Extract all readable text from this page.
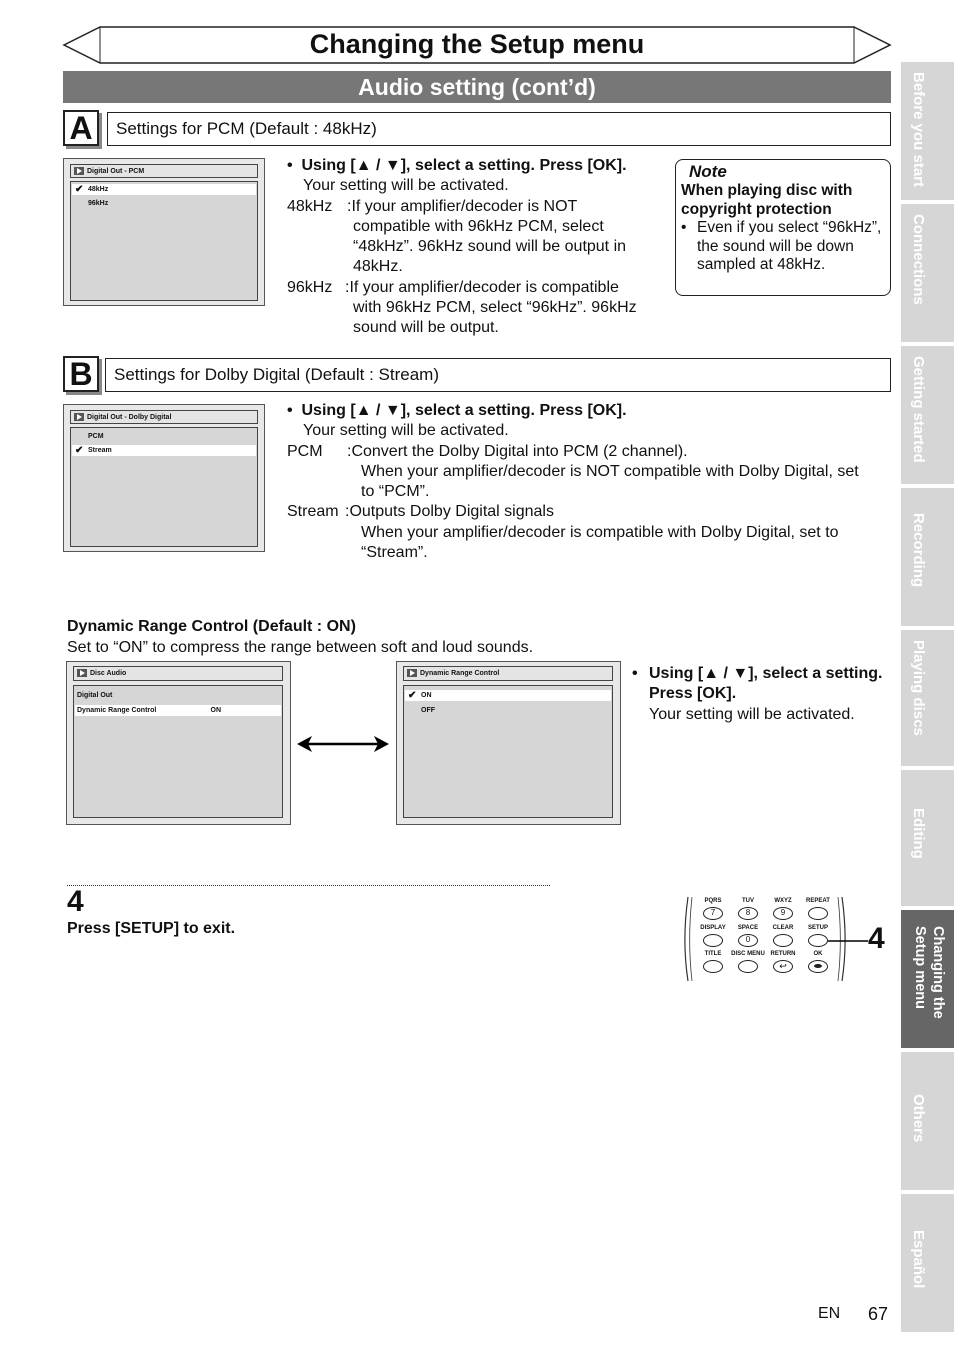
Changing the Setup menu
Audio setting (cont’d)
A	Settings for PCM (Default : 48kHz)
Digital Out - PCM
✔ 48kHz
96kHz
•  Using [▲ / ▼], select a setting. Press [OK].
Your setting will be activated.
48kHz :If your amplifier/decoder is NOT
compatible with 96kHz PCM, select
“48kHz”. 96kHz sound will be output in
48kHz.
96kHz :If your amplifier/decoder is compatible
with 96kHz PCM, select “96kHz”. 96kHz
sound will be output.
Note
When playing disc with copyright protection
• Even if you select “96kHz”, the sound will be down sampled at 48kHz.
B	Settings for Dolby Digital (Default : Stream)
Digital Out - Dolby Digital
PCM
✔ Stream
•  Using [▲ / ▼], select a setting. Press [OK].
Your setting will be activated.
PCM	:Convert the Dolby Digital into PCM (2 channel).
When your amplifier/decoder is NOT compatible with Dolby Digital, set
to “PCM”.
Stream :Outputs Dolby Digital signals
When your amplifier/decoder is compatible with Dolby Digital, set to
“Stream”.
Dynamic Range Control (Default : ON)
Set to “ON” to compress the range between soft and loud sounds.
Disc Audio
Digital Out
Dynamic Range Control	ON
Dynamic Range Control
✔ ON
OFF
• Using [▲ / ▼], select a setting.
Press [OK].
Your setting will be activated.
4
Press [SETUP] to exit.
PQRS	TUV	WXYZ	REPEAT
7	8	9
DISPLAY	SPACE	CLEAR	SETUP
0
TITLE	DISC MENU RETURN	OK
↩
4
Before you start
Connections
Getting started
Recording
Playing discs
Editing
Changing the Setup menu
Others
Español
EN 67
